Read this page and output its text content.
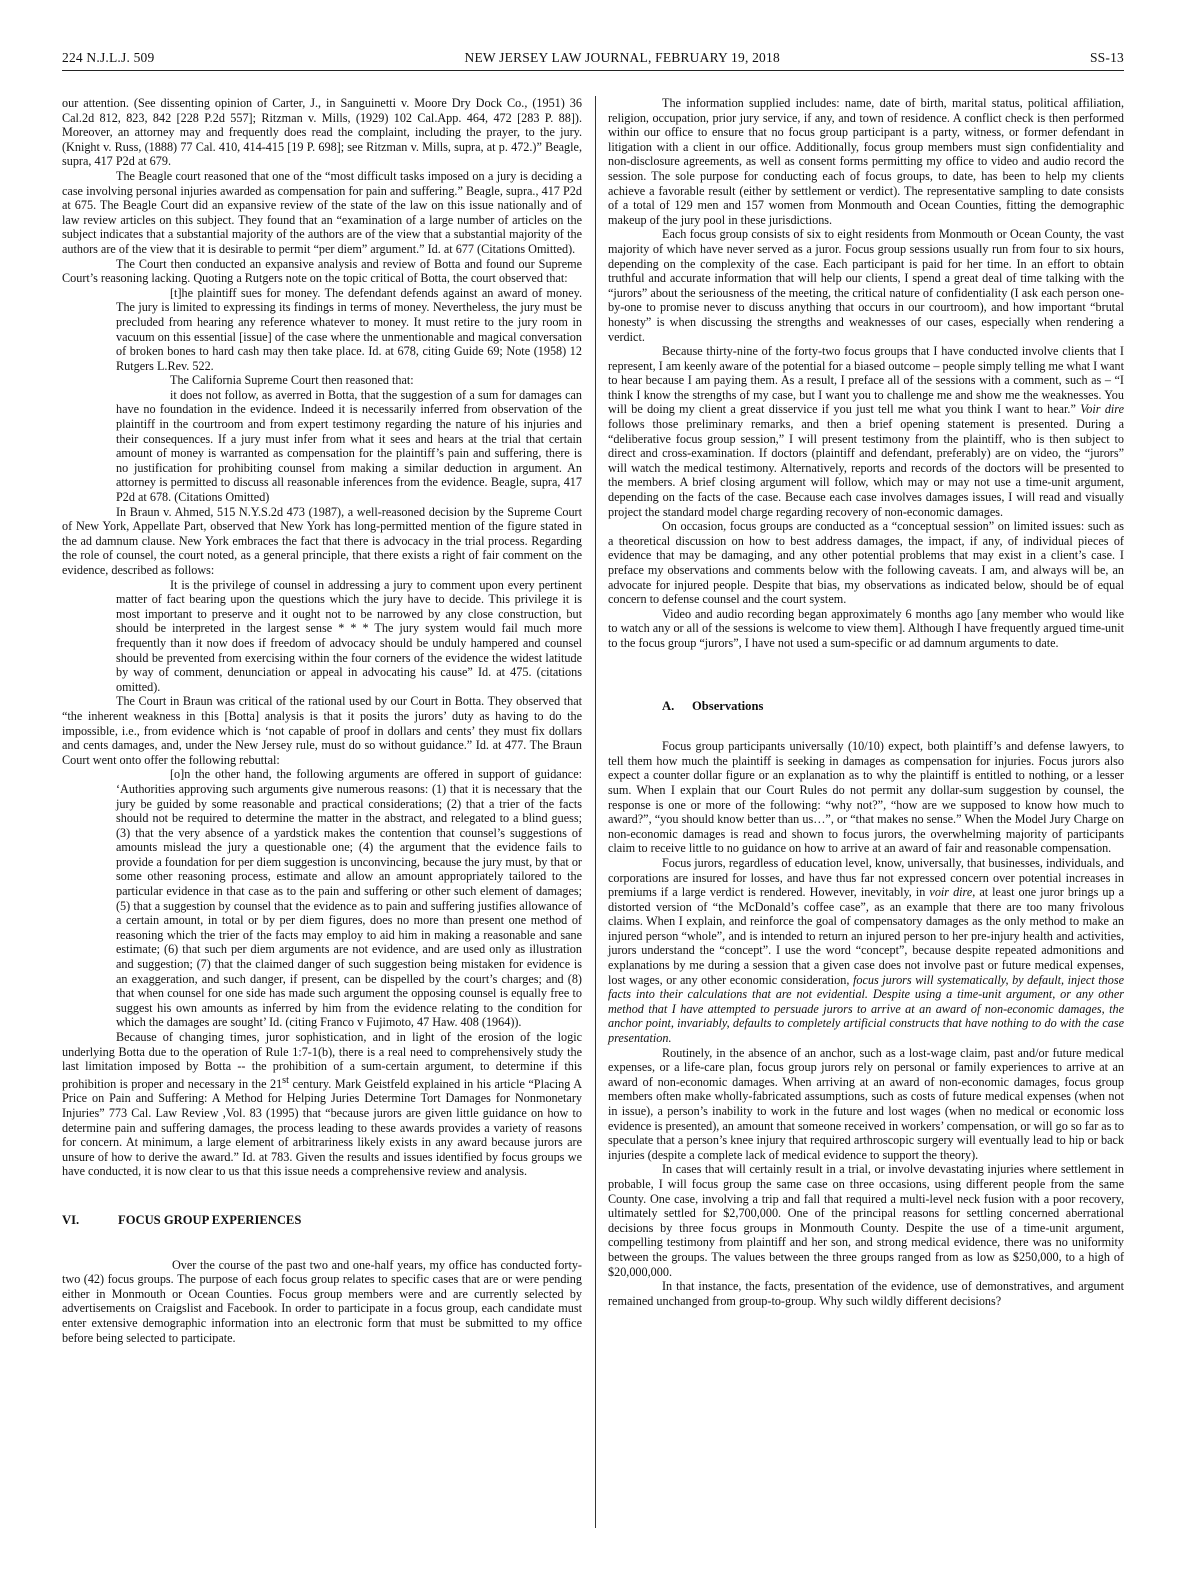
224 N.J.L.J. 509	NEW JERSEY LAW JOURNAL, FEBRUARY 19, 2018	SS-13

our attention. (See dissenting opinion of Carter, J., in Sanguinetti v. Moore Dry Dock Co., (1951) 36 Cal.2d 812, 823, 842 [228 P.2d 557]; Ritzman v. Mills, (1929) 102 Cal.App. 464, 472 [283 P. 88]). Moreover, an attorney may and frequently does read the complaint, including the prayer, to the jury. (Knight v. Russ, (1888) 77 Cal. 410, 414-415 [19 P. 698]; see Ritzman v. Mills, supra, at p. 472.)” Beagle, supra, 417 P2d at 679.

The Beagle court reasoned that one of the “most difficult tasks imposed on a jury is deciding a case involving personal injuries awarded as compensation for pain and suffering.” Beagle, supra., 417 P2d at 675. The Beagle Court did an expansive review of the state of the law on this issue nationally and of law review articles on this subject. They found that an “examination of a large number of articles on the subject indicates that a substantial majority of the authors are of the view that a substantial majority of the authors are of the view that it is desirable to permit “per diem” argument.” Id. at 677 (Citations Omitted).

The Court then conducted an expansive analysis and review of Botta and found our Supreme Court’s reasoning lacking. Quoting a Rutgers note on the topic critical of Botta, the court observed that:

[t]he plaintiff sues for money. The defendant defends against an award of money. The jury is limited to expressing its findings in terms of money. Nevertheless, the jury must be precluded from hearing any reference whatever to money. It must retire to the jury room in vacuum on this essential [issue] of the case where the unmentionable and magical conversation of broken bones to hard cash may then take place. Id. at 678, citing Guide 69; Note (1958) 12 Rutgers L.Rev. 522.

The California Supreme Court then reasoned that:

it does not follow, as averred in Botta, that the suggestion of a sum for damages can have no foundation in the evidence. Indeed it is necessarily inferred from observation of the plaintiff in the courtroom and from expert testimony regarding the nature of his injuries and their consequences. If a jury must infer from what it sees and hears at the trial that certain amount of money is warranted as compensation for the plaintiff’s pain and suffering, there is no justification for prohibiting counsel from making a similar deduction in argument. An attorney is permitted to discuss all reasonable inferences from the evidence. Beagle, supra, 417 P2d at 678. (Citations Omitted)

In Braun v. Ahmed, 515 N.Y.S.2d 473 (1987), a well-reasoned decision by the Supreme Court of New York, Appellate Part, observed that New York has long-permitted mention of the figure stated in the ad damnum clause. New York embraces the fact that there is advocacy in the trial process. Regarding the role of counsel, the court noted, as a general principle, that there exists a right of fair comment on the evidence, described as follows:

It is the privilege of counsel in addressing a jury to comment upon every pertinent matter of fact bearing upon the questions which the jury have to decide. This privilege it is most important to preserve and it ought not to be narrowed by any close construction, but should be interpreted in the largest sense * * * The jury system would fail much more frequently than it now does if freedom of advocacy should be unduly hampered and counsel should be prevented from exercising within the four corners of the evidence the widest latitude by way of comment, denunciation or appeal in advocating his cause” Id. at 475. (citations omitted).

The Court in Braun was critical of the rational used by our Court in Botta. They observed that “the inherent weakness in this [Botta] analysis is that it posits the jurors’ duty as having to do the impossible, i.e., from evidence which is ‘not capable of proof in dollars and cents’ they must fix dollars and cents damages, and, under the New Jersey rule, must do so without guidance.” Id. at 477. The Braun Court went onto offer the following rebuttal:

[o]n the other hand, the following arguments are offered in support of guidance: ‘Authorities approving such arguments give numerous reasons: (1) that it is necessary that the jury be guided by some reasonable and practical considerations; (2) that a trier of the facts should not be required to determine the matter in the abstract, and relegated to a blind guess; (3) that the very absence of a yardstick makes the contention that counsel’s suggestions of amounts mislead the jury a questionable one; (4) the argument that the evidence fails to provide a foundation for per diem suggestion is unconvincing, because the jury must, by that or some other reasoning process, estimate and allow an amount appropriately tailored to the particular evidence in that case as to the pain and suffering or other such element of damages; (5) that a suggestion by counsel that the evidence as to pain and suffering justifies allowance of a certain amount, in total or by per diem figures, does no more than present one method of reasoning which the trier of the facts may employ to aid him in making a reasonable and sane estimate; (6) that such per diem arguments are not evidence, and are used only as illustration and suggestion; (7) that the claimed danger of such suggestion being mistaken for evidence is an exaggeration, and such danger, if present, can be dispelled by the court’s charges; and (8) that when counsel for one side has made such argument the opposing counsel is equally free to suggest his own amounts as inferred by him from the evidence relating to the condition for which the damages are sought’ Id. (citing Franco v Fujimoto, 47 Haw. 408 (1964)).

Because of changing times, juror sophistication, and in light of the erosion of the logic underlying Botta due to the operation of Rule 1:7-1(b), there is a real need to comprehensively study the last limitation imposed by Botta -- the prohibition of a sum-certain argument, to determine if this prohibition is proper and necessary in the 21st century. Mark Geistfeld explained in his article “Placing A Price on Pain and Suffering: A Method for Helping Juries Determine Tort Damages for Nonmonetary Injuries” 773 Cal. Law Review ,Vol. 83 (1995) that “because jurors are given little guidance on how to determine pain and suffering damages, the process leading to these awards provides a variety of reasons for concern. At minimum, a large element of arbitrariness likely exists in any award because jurors are unsure of how to derive the award.” Id. at 783. Given the results and issues identified by focus groups we have conducted, it is now clear to us that this issue needs a comprehensive review and analysis.

VI.	FOCUS GROUP EXPERIENCES

Over the course of the past two and one-half years, my office has conducted forty-two (42) focus groups. The purpose of each focus group relates to specific cases that are or were pending either in Monmouth or Ocean Counties. Focus group members were and are currently selected by advertisements on Craigslist and Facebook. In order to participate in a focus group, each candidate must enter extensive demographic information into an electronic form that must be submitted to my office before being selected to participate.

The information supplied includes: name, date of birth, marital status, political affiliation, religion, occupation, prior jury service, if any, and town of residence. A conflict check is then performed within our office to ensure that no focus group participant is a party, witness, or former defendant in litigation with a client in our office. Additionally, focus group members must sign confidentiality and non-disclosure agreements, as well as consent forms permitting my office to video and audio record the session. The sole purpose for conducting each of focus groups, to date, has been to help my clients achieve a favorable result (either by settlement or verdict). The representative sampling to date consists of a total of 129 men and 157 women from Monmouth and Ocean Counties, fitting the demographic makeup of the jury pool in these jurisdictions.

Each focus group consists of six to eight residents from Monmouth or Ocean County, the vast majority of which have never served as a juror. Focus group sessions usually run from four to six hours, depending on the complexity of the case. Each participant is paid for her time. In an effort to obtain truthful and accurate information that will help our clients, I spend a great deal of time talking with the “jurors” about the seriousness of the meeting, the critical nature of confidentiality (I ask each person one-by-one to promise never to discuss anything that occurs in our courtroom), and how important “brutal honesty” is when discussing the strengths and weaknesses of our cases, especially when rendering a verdict.

Because thirty-nine of the forty-two focus groups that I have conducted involve clients that I represent, I am keenly aware of the potential for a biased outcome – people simply telling me what I want to hear because I am paying them. As a result, I preface all of the sessions with a comment, such as – “I think I know the strengths of my case, but I want you to challenge me and show me the weaknesses. You will be doing my client a great disservice if you just tell me what you think I want to hear.” Voir dire follows those preliminary remarks, and then a brief opening statement is presented. During a “deliberative focus group session,” I will present testimony from the plaintiff, who is then subject to direct and cross-examination. If doctors (plaintiff and defendant, preferably) are on video, the “jurors” will watch the medical testimony. Alternatively, reports and records of the doctors will be presented to the members. A brief closing argument will follow, which may or may not use a time-unit argument, depending on the facts of the case. Because each case involves damages issues, I will read and visually project the standard model charge regarding recovery of non-economic damages.

On occasion, focus groups are conducted as a “conceptual session” on limited issues: such as a theoretical discussion on how to best address damages, the impact, if any, of individual pieces of evidence that may be damaging, and any other potential problems that may exist in a client’s case. I preface my observations and comments below with the following caveats. I am, and always will be, an advocate for injured people. Despite that bias, my observations as indicated below, should be of equal concern to defense counsel and the court system.

Video and audio recording began approximately 6 months ago [any member who would like to watch any or all of the sessions is welcome to view them]. Although I have frequently argued time-unit to the focus group “jurors”, I have not used a sum-specific or ad damnum arguments to date.

A. Observations

Focus group participants universally (10/10) expect, both plaintiff’s and defense lawyers, to tell them how much the plaintiff is seeking in damages as compensation for injuries. Focus jurors also expect a counter dollar figure or an explanation as to why the plaintiff is entitled to nothing, or a lesser sum. When I explain that our Court Rules do not permit any dollar-sum suggestion by counsel, the response is one or more of the following: “why not?”, “how are we supposed to know how much to award?”, “you should know better than us…”, or “that makes no sense.” When the Model Jury Charge on non-economic damages is read and shown to focus jurors, the overwhelming majority of participants claim to receive little to no guidance on how to arrive at an award of fair and reasonable compensation.

Focus jurors, regardless of education level, know, universally, that businesses, individuals, and corporations are insured for losses, and have thus far not expressed concern over potential increases in premiums if a large verdict is rendered. However, inevitably, in voir dire, at least one juror brings up a distorted version of “the McDonald’s coffee case”, as an example that there are too many frivolous claims. When I explain, and reinforce the goal of compensatory damages as the only method to make an injured person “whole”, and is intended to return an injured person to her pre-injury health and activities, jurors understand the “concept”. I use the word “concept”, because despite repeated admonitions and explanations by me during a session that a given case does not involve past or future medical expenses, lost wages, or any other economic consideration, focus jurors will systematically, by default, inject those facts into their calculations that are not evidential. Despite using a time-unit argument, or any other method that I have attempted to persuade jurors to arrive at an award of non-economic damages, the anchor point, invariably, defaults to completely artificial constructs that have nothing to do with the case presentation.

Routinely, in the absence of an anchor, such as a lost-wage claim, past and/or future medical expenses, or a life-care plan, focus group jurors rely on personal or family experiences to arrive at an award of non-economic damages. When arriving at an award of non-economic damages, focus group members often make wholly-fabricated assumptions, such as costs of future medical expenses (when not in issue), a person’s inability to work in the future and lost wages (when no medical or economic loss evidence is presented), an amount that someone received in workers’ compensation, or will go so far as to speculate that a person’s knee injury that required arthroscopic surgery will eventually lead to hip or back injuries (despite a complete lack of medical evidence to support the theory).

In cases that will certainly result in a trial, or involve devastating injuries where settlement in probable, I will focus group the same case on three occasions, using different people from the same County. One case, involving a trip and fall that required a multi-level neck fusion with a poor recovery, ultimately settled for $2,700,000. One of the principal reasons for settling concerned aberrational decisions by three focus groups in Monmouth County. Despite the use of a time-unit argument, compelling testimony from plaintiff and her son, and strong medical evidence, there was no uniformity between the groups. The values between the three groups ranged from as low as $250,000, to a high of $20,000,000.

In that instance, the facts, presentation of the evidence, use of demonstratives, and argument remained unchanged from group-to-group. Why such wildly different decisions?
